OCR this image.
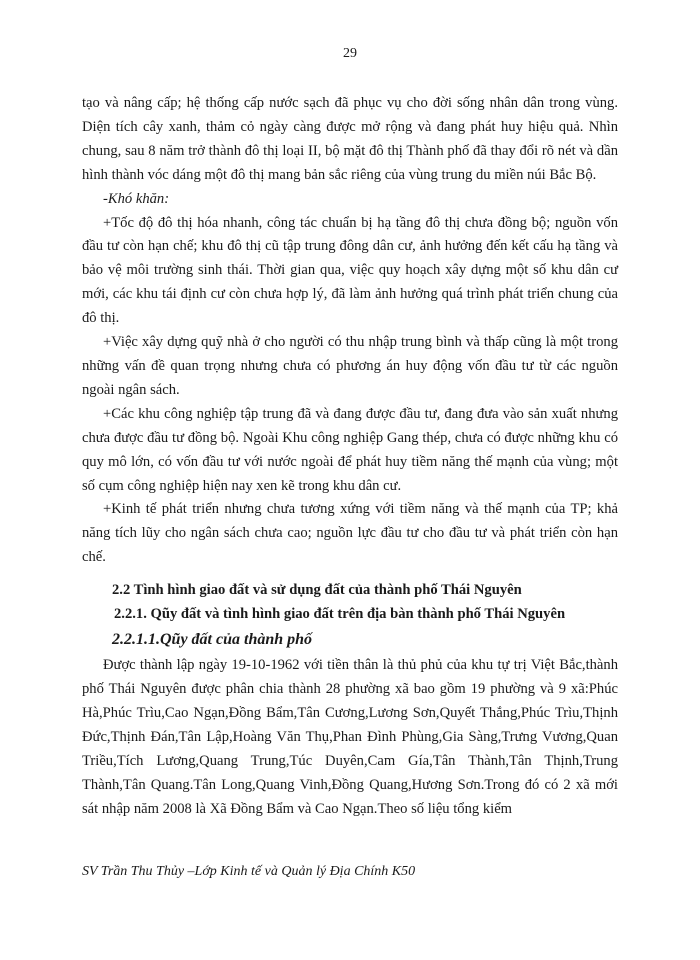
29

tạo và nâng cấp; hệ thống cấp nước sạch đã phục vụ cho đời sống nhân dân trong vùng. Diện tích cây xanh, thảm cỏ ngày càng được mở rộng và đang phát huy hiệu quả. Nhìn chung, sau 8 năm trở thành đô thị loại II, bộ mặt đô thị Thành phố đã thay đổi rõ nét và dần hình thành vóc dáng một đô thị mang bản sắc riêng của vùng trung du miền núi Bắc Bộ.

-Khó khăn:

+Tốc độ đô thị hóa nhanh, công tác chuẩn bị hạ tầng đô thị chưa đồng bộ; nguồn vốn đầu tư còn hạn chế; khu đô thị cũ tập trung đông dân cư, ảnh hưởng đến kết cấu hạ tầng và bảo vệ môi trường sinh thái. Thời gian qua, việc quy hoạch xây dựng một số khu dân cư mới, các khu tái định cư còn chưa hợp lý, đã làm ảnh hưởng quá trình phát triển chung của đô thị.

+Việc xây dựng quỹ nhà ở cho người có thu nhập trung bình và thấp cũng là một trong những vấn đề quan trọng nhưng chưa có phương án huy động vốn đầu tư từ các nguồn ngoài ngân sách.

+Các khu công nghiệp tập trung đã và đang được đầu tư, đang đưa vào sản xuất nhưng chưa được đầu tư đồng bộ. Ngoài Khu công nghiệp Gang thép, chưa có được những khu có quy mô lớn, có vốn đầu tư với nước ngoài để phát huy tiềm năng thế mạnh của vùng; một số cụm công nghiệp hiện nay xen kẽ trong khu dân cư.

+Kinh tế phát triển nhưng chưa tương xứng với tiềm năng và thế mạnh của TP; khả năng tích lũy cho ngân sách chưa cao; nguồn lực đầu tư cho đầu tư và phát triển còn hạn chế.

2.2 Tình hình giao đất và sử dụng đất của thành phố Thái Nguyên
2.2.1. Qũy đất và tình hình giao đất trên địa bàn thành phố Thái Nguyên
2.2.1.1.Qũy đất của thành phố

Được thành lập ngày 19-10-1962 với tiền thân là thủ phủ của khu tự trị Việt Bắc,thành phố Thái Nguyên được phân chia thành 28 phường xã bao gồm 19 phường và 9 xã:Phúc Hà,Phúc Trìu,Cao Ngạn,Đồng Bẩm,Tân Cương,Lương Sơn,Quyết Thắng,Phúc Trìu,Thịnh Đức,Thịnh Đán,Tân Lập,Hoàng Văn Thụ,Phan Đình Phùng,Gia Sàng,Trưng Vương,Quan Triều,Tích Lương,Quang Trung,Túc Duyên,Cam Gía,Tân Thành,Tân Thịnh,Trung Thành,Tân Quang.Tân Long,Quang Vinh,Đồng Quang,Hương Sơn.Trong đó có 2 xã mới sát nhập năm 2008 là Xã Đồng Bẩm và Cao Ngạn.Theo số liệu tổng kiểm

SV Trần Thu Thủy –Lớp Kinh tế và Quản lý Địa Chính K50
